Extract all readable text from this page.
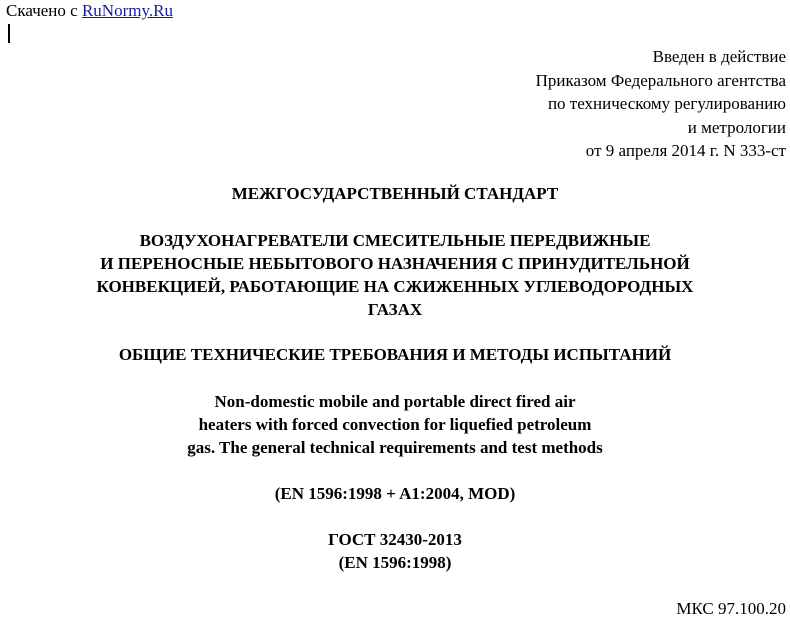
Скачено с RuNormy.Ru
Введен в действие
Приказом Федерального агентства
по техническому регулированию
и метрологии
от 9 апреля 2014 г. N 333-ст
МЕЖГОСУДАРСТВЕННЫЙ СТАНДАРТ
ВОЗДУХОНАГРЕВАТЕЛИ СМЕСИТЕЛЬНЫЕ ПЕРЕДВИЖНЫЕ
И ПЕРЕНОСНЫЕ НЕБЫТОВОГО НАЗНАЧЕНИЯ С ПРИНУДИТЕЛЬНОЙ
КОНВЕКЦИЕЙ, РАБОТАЮЩИЕ НА СЖИЖЕННЫХ УГЛЕВОДОРОДНЫХ
ГАЗАХ
ОБЩИЕ ТЕХНИЧЕСКИЕ ТРЕБОВАНИЯ И МЕТОДЫ ИСПЫТАНИЙ
Non-domestic mobile and portable direct fired air
heaters with forced convection for liquefied petroleum
gas. The general technical requirements and test methods
(EN 1596:1998 + A1:2004, MOD)
ГОСТ 32430-2013
(EN 1596:1998)
МКС 97.100.20
